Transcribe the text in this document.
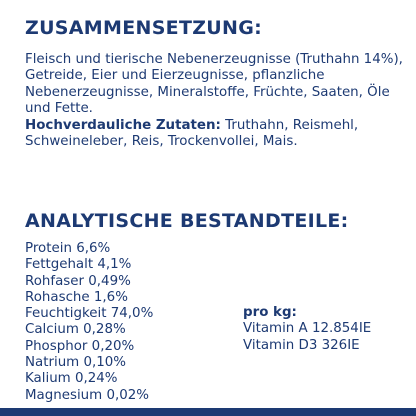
ZUSAMMENSETZUNG:

Fleisch und tierische Nebenerzeugnisse (Truthahn 14%), Getreide, Eier und Eierzeugnisse, pflanzliche Nebenerzeugnisse, Mineralstoffe, Früchte, Saaten, Öle und Fette.

Hochverdauliche Zutaten: Truthahn, Reismehl, Schweineleber, Reis, Trockenvollei, Mais.

ANALYTISCHE BESTANDTEILE:
Protein 6,6%
Fettgehalt 4,1%
Rohfaser 0,49%
Rohasche 1,6%
Feuchtigkeit 74,0%
Calcium 0,28%
Phosphor 0,20%
Natrium 0,10%
Kalium 0,24%
Magnesium 0,02%

pro kg:

Vitamin A 12.854IE
Vitamin D3 326IE
